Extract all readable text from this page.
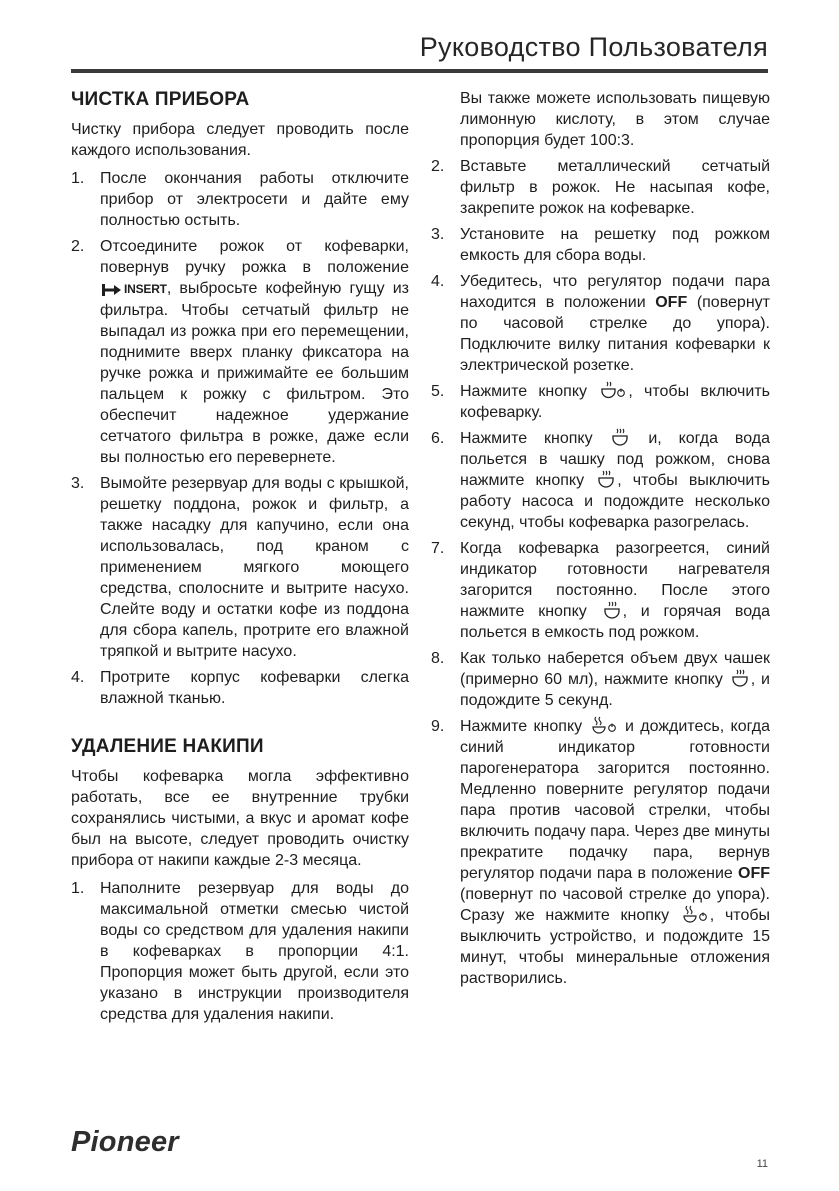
Руководство Пользователя
ЧИСТКА ПРИБОРА

Чистку прибора следует проводить после каждого использования.

1. После окончания работы отключите прибор от электросети и дайте ему полностью остыть.
2. Отсоедините рожок от кофеварки, повернув ручку рожка в положение INSERT, выбросьте кофейную гущу из фильтра. Чтобы сетчатый фильтр не выпадал из рожка при его перемещении, поднимите вверх планку фиксатора на ручке рожка и прижимайте ее большим пальцем к рожку с фильтром. Это обеспечит надежное удержание сетчатого фильтра в рожке, даже если вы полностью его перевернете.
3. Вымойте резервуар для воды с крышкой, решетку поддона, рожок и фильтр, а также насадку для капучино, если она использовалась, под краном с применением мягкого моющего средства, сполосните и вытрите насухо. Слейте воду и остатки кофе из поддона для сбора капель, протрите его влажной тряпкой и вытрите насухо.
4. Протрите корпус кофеварки слегка влажной тканью.
УДАЛЕНИЕ НАКИПИ

Чтобы кофеварка могла эффективно работать, все ее внутренние трубки сохранялись чистыми, а вкус и аромат кофе был на высоте, следует проводить очистку прибора от накипи каждые 2-3 месяца.

1. Наполните резервуар для воды до максимальной отметки смесью чистой воды со средством для удаления накипи в кофеварках в пропорции 4:1. Пропорция может быть другой, если это указано в инструкции производителя средства для удаления накипи.

Вы также можете использовать пищевую лимонную кислоту, в этом случае пропорция будет 100:3.

2. Вставьте металлический сетчатый фильтр в рожок. Не насыпая кофе, закрепите рожок на кофеварке.
3. Установите на решетку под рожком емкость для сбора воды.
4. Убедитесь, что регулятор подачи пара находится в положении OFF (повернут по часовой стрелке до упора). Подключите вилку питания кофеварки к электрической розетке.
5. Нажмите кнопку	, чтобы включить кофеварку.
6. Нажмите кнопку	и, когда вода польется в чашку под рожком, снова нажмите кнопку , чтобы выключить работу насоса и подождите несколько секунд, чтобы кофеварка разогрелась.
7. Когда кофеварка разогреется, синий индикатор готовности нагревателя загорится постоянно. После этого нажмите кнопку , и горячая вода польется в емкость под рожком.
8. Как только наберется объем двух чашек (примерно 60 мл), нажмите кнопку , и подождите 5 секунд.
9. Нажмите кнопку	и дождитесь, когда синий индикатор готовности парогенератора загорится постоянно. Медленно поверните регулятор подачи пара против часовой стрелки, чтобы включить подачу пара. Через две минуты прекратите подачку пара, вернув регулятор подачи пара в положение OFF (повернут по часовой стрелке до упора). Сразу же нажмите кнопку	, чтобы выключить устройство, и подождите 15 минут, чтобы минеральные отложения растворились.
Pioneer
11
